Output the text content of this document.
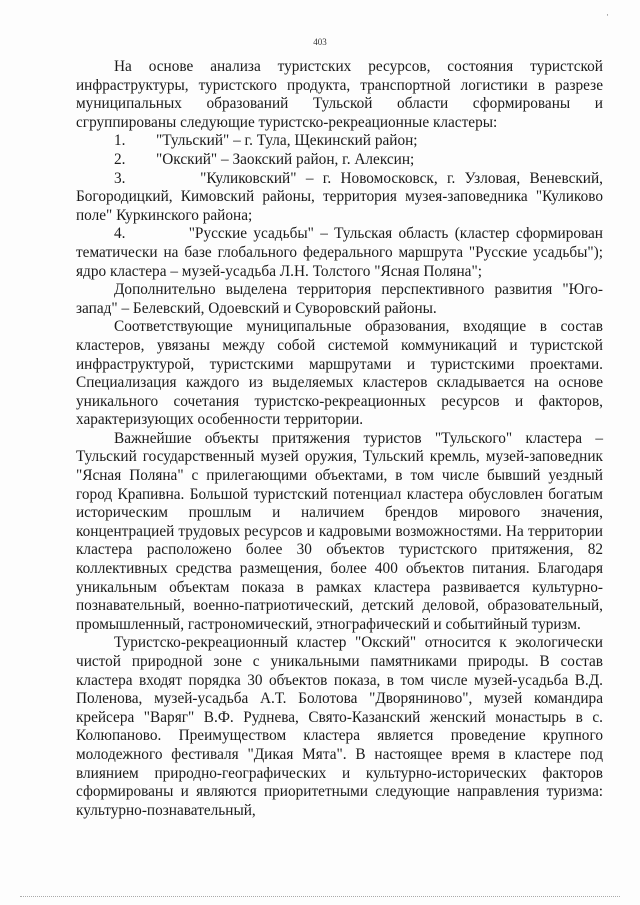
·
403

На основе анализа туристских ресурсов, состояния туристской инфраструктуры, туристского продукта, транспортной логистики в разрезе муниципальных образований Тульской области сформированы и сгруппированы следующие туристско-рекреационные кластеры:

1.	"Тульский" – г. Тула, Щекинский район;
2.	"Окский" – Заокский район, г. Алексин;

3.	"Куликовский" – г. Новомосковск, г. Узловая, Веневский, Богородицкий, Кимовский районы, территория музея-заповедника "Куликово поле" Куркинского района;

4.	"Русские усадьбы" – Тульская область (кластер сформирован тематически на базе глобального федерального маршрута "Русские усадьбы"); ядро кластера – музей-усадьба Л.Н. Толстого "Ясная Поляна";

Дополнительно выделена территория перспективного развития "Юго-запад" – Белевский, Одоевский и Суворовский районы.

Соответствующие муниципальные образования, входящие в состав кластеров, увязаны между собой системой коммуникаций и туристской инфраструктурой, туристскими маршрутами и туристскими проектами. Специализация каждого из выделяемых кластеров складывается на основе уникального сочетания туристско-рекреационных ресурсов и факторов, характеризующих особенности территории.

Важнейшие объекты притяжения туристов "Тульского" кластера – Тульский государственный музей оружия, Тульский кремль, музей-заповедник "Ясная Поляна" с прилегающими объектами, в том числе бывший уездный город Крапивна. Большой туристский потенциал кластера обусловлен богатым историческим прошлым и наличием брендов мирового значения, концентрацией трудовых ресурсов и кадровыми возможностями. На территории кластера расположено более 30 объектов туристского притяжения, 82 коллективных средства размещения, более 400 объектов питания. Благодаря уникальным объектам показа в рамках кластера развивается культурно-познавательный, военно-патриотический, детский деловой, образовательный, промышленный, гастрономический, этнографический и событийный туризм.

Туристско-рекреационный кластер "Окский" относится к экологически чистой природной зоне с уникальными памятниками природы. В состав кластера входят порядка 30 объектов показа, в том числе музей-усадьба В.Д. Поленова, музей-усадьба А.Т. Болотова "Дворяниново", музей командира крейсера "Варяг" В.Ф. Руднева, Свято-Казанский женский монастырь в с. Колюпаново. Преимуществом кластера является проведение крупного молодежного фестиваля "Дикая Мята". В настоящее время в кластере под влиянием природно-географических и культурно-исторических факторов сформированы и являются приоритетными следующие направления туризма: культурно-познавательный,
